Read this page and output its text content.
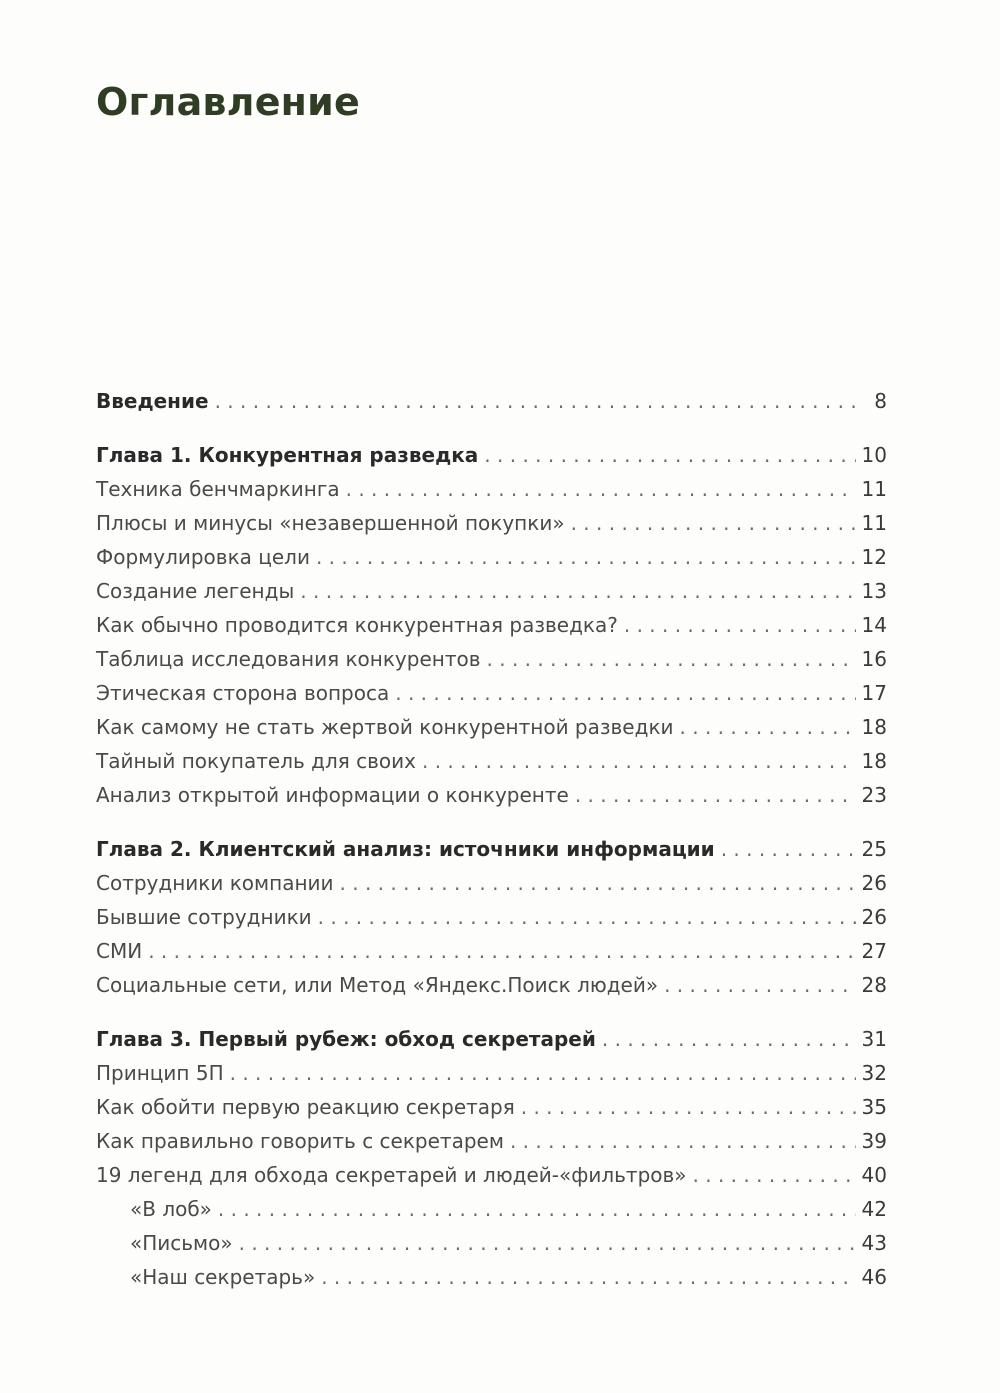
Оглавление
Введение . . .	8
Глава 1. Конкурентная разведка . . .	10
Техника бенчмаркинга . . .	11
Плюсы и минусы «незавершенной покупки» . . .	11
Формулировка цели . . .	12
Создание легенды . . .	13
Как обычно проводится конкурентная разведка? . . .	14
Таблица исследования конкурентов . . .	16
Этическая сторона вопроса . . .	17
Как самому не стать жертвой конкурентной разведки . . .	18
Тайный покупатель для своих . . .	18
Анализ открытой информации о конкуренте . . .	23
Глава 2. Клиентский анализ: источники информации . . .	25
Сотрудники компании . . .	26
Бывшие сотрудники . . .	26
СМИ . . .	27
Социальные сети, или Метод «Яндекс.Поиск людей» . . .	28
Глава 3. Первый рубеж: обход секретарей . . .	31
Принцип 5П . . .	32
Как обойти первую реакцию секретаря . . .	35
Как правильно говорить с секретарем . . .	39
19 легенд для обхода секретарей и людей-«фильтров» . . .	40
«В лоб» . . .	42
«Письмо» . . .	43
«Наш секретарь» . . .	46
